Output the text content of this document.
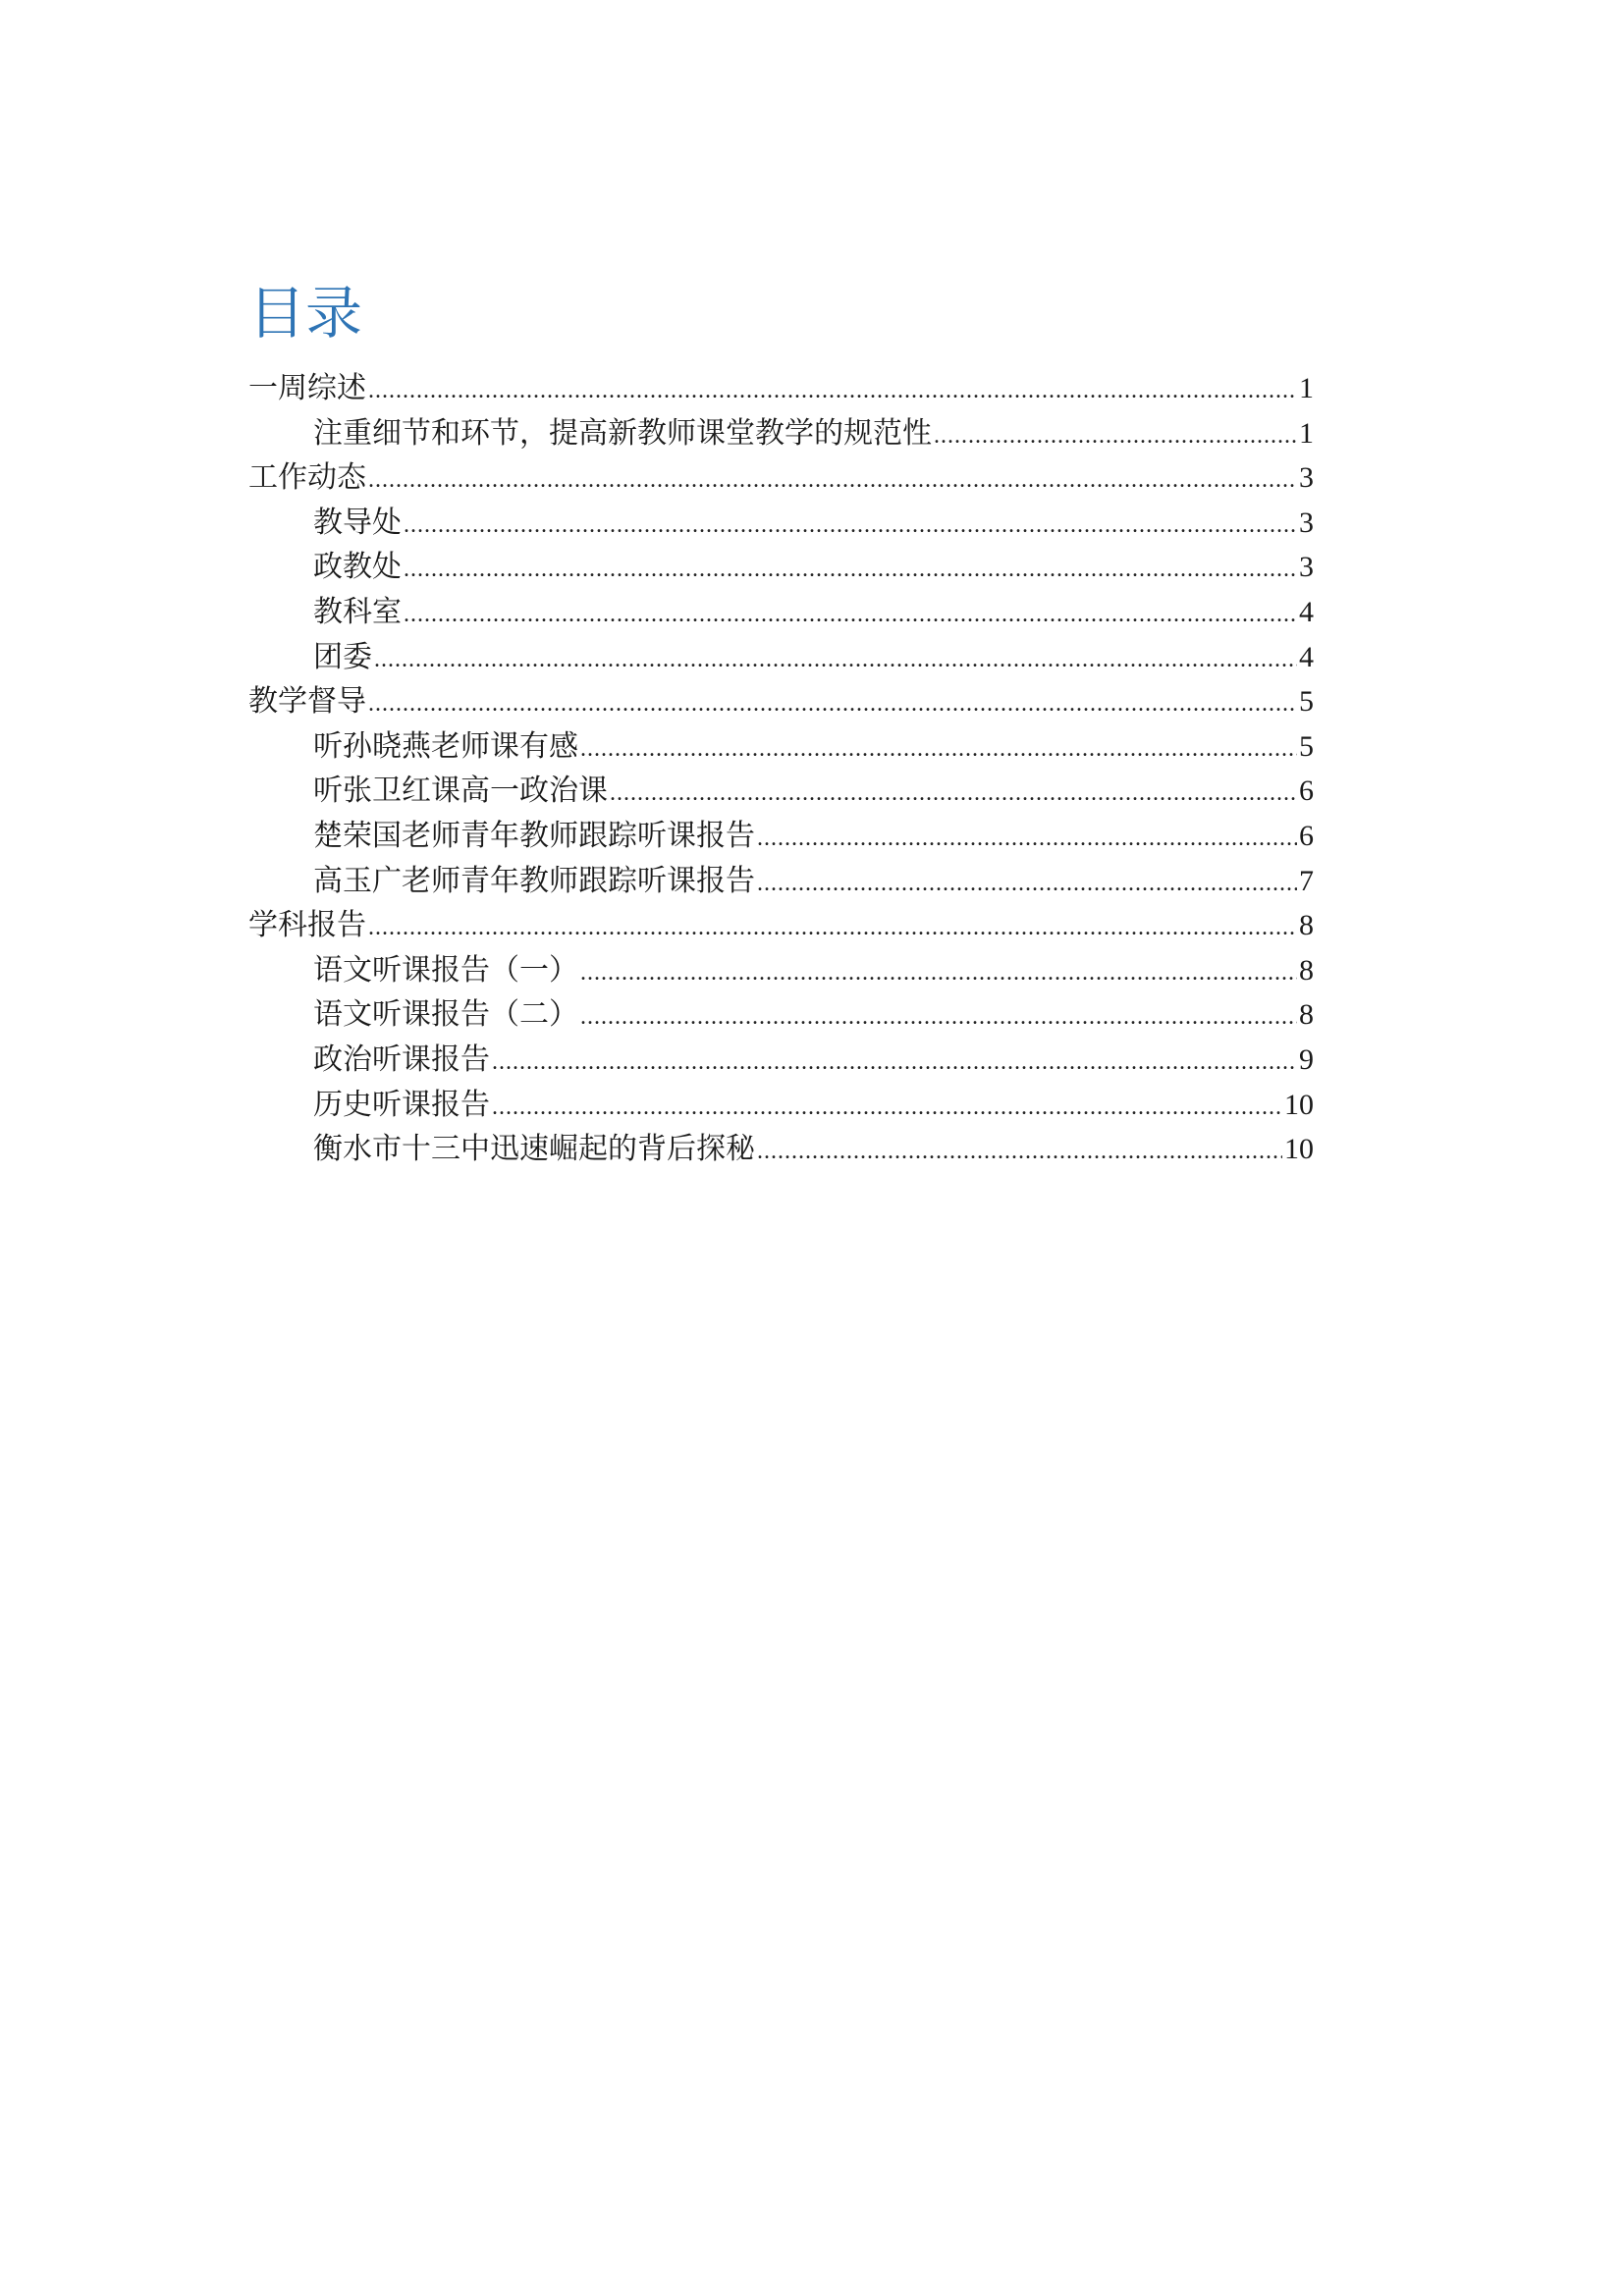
目录
一周综述 .....	1
注重细节和环节，提高新教师课堂教学的规范性 .....	1
工作动态 .....	3
教导处 .....	3
政教处 .....	3
教科室 .....	4
团委 .....	4
教学督导 .....	5
听孙晓燕老师课有感 .....	5
听张卫红课高一政治课 .....	6
楚荣国老师青年教师跟踪听课报告 .....	6
高玉广老师青年教师跟踪听课报告 .....	7
学科报告 .....	8
语文听课报告（一） .....	8
语文听课报告（二） .....	8
政治听课报告 .....	9
历史听课报告 .....	10
衡水市十三中迅速崛起的背后探秘 .....	10
